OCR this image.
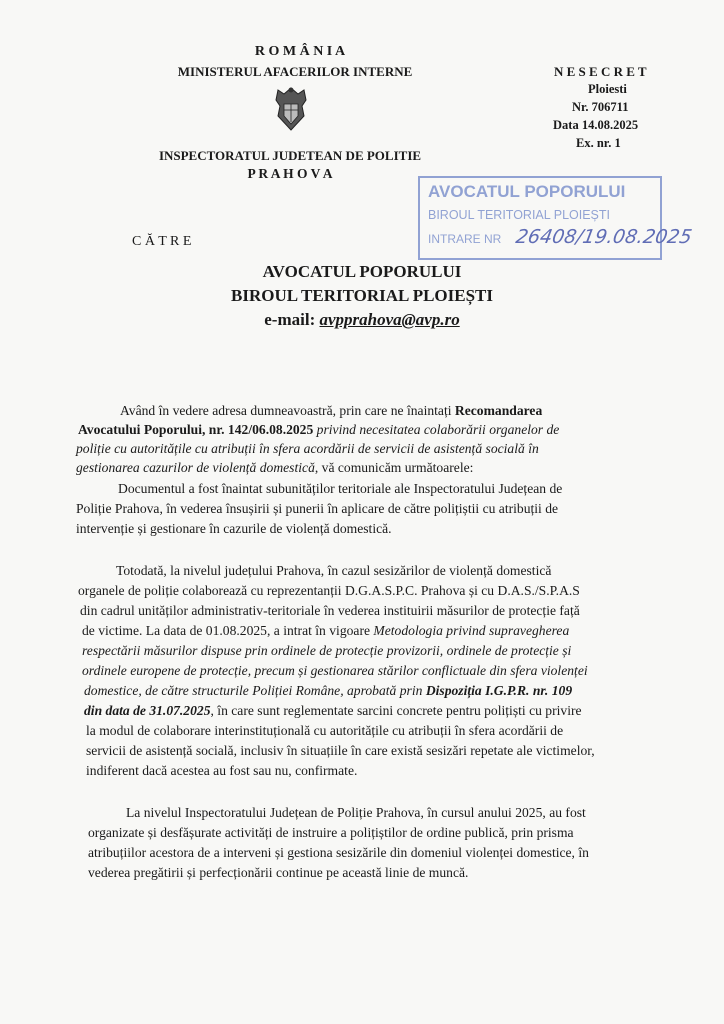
R O M Â N I A
MINISTERUL AFACERILOR INTERNE
INSPECTORATUL JUDETEAN DE POLITIE
P R A H O V A
N E S E C R E T
Ploiesti
Nr. 706711
Data 14.08.2025
Ex. nr. 1
AVOCATUL POPORULUI
BIROUL TERITORIAL PLOIEȘTI
INTRARE NR 26408/19.08.2025
C Ă T R E
AVOCATUL POPORULUI
BIROUL TERITORIAL PLOIEȘTI
e-mail: avpprahova@avp.ro
Având în vedere adresa dumneavoastră, prin care ne înaintați Recomandarea
Avocatului Poporului, nr. 142/06.08.2025 privind necesitatea colaborării organelor de
poliție cu autoritățile cu atribuții în sfera acordării de servicii de asistență socială în
gestionarea cazurilor de violență domestică, vă comunicăm următoarele:
Documentul a fost înaintat subunităților teritoriale ale Inspectoratului Județean de
Poliție Prahova, în vederea însușirii și punerii în aplicare de către polițiștii cu atribuții de
intervenție și gestionare în cazurile de violență domestică.
Totodată, la nivelul județului Prahova, în cazul sesizărilor de violență domestică
organele de poliție colaborează cu reprezentanții D.G.A.S.P.C. Prahova și cu D.A.S./S.P.A.S
din cadrul unităților administrativ-teritoriale în vederea instituirii măsurilor de protecție față
de victime. La data de 01.08.2025, a intrat în vigoare Metodologia privind supravegherea
respectării măsurilor dispuse prin ordinele de protecție provizorii, ordinele de protecție și
ordinele europene de protecție, precum și gestionarea stărilor conflictuale din sfera violenței
domestice, de către structurile Poliției Române, aprobată prin Dispoziția I.G.P.R. nr. 109
din data de 31.07.2025, în care sunt reglementate sarcini concrete pentru polițiști cu privire
la modul de colaborare interinstituțională cu autoritățile cu atribuții în sfera acordării de
servicii de asistență socială, inclusiv în situațiile în care există sesizări repetate ale victimelor,
indiferent dacă acestea au fost sau nu, confirmate.
La nivelul Inspectoratului Județean de Poliție Prahova, în cursul anului 2025, au fost
organizate și desfășurate activități de instruire a polițiștilor de ordine publică, prin prisma
atribuțiilor acestora de a interveni și gestiona sesizările din domeniul violenței domestice, în
vederea pregătirii și perfecționării continue pe această linie de muncă.
